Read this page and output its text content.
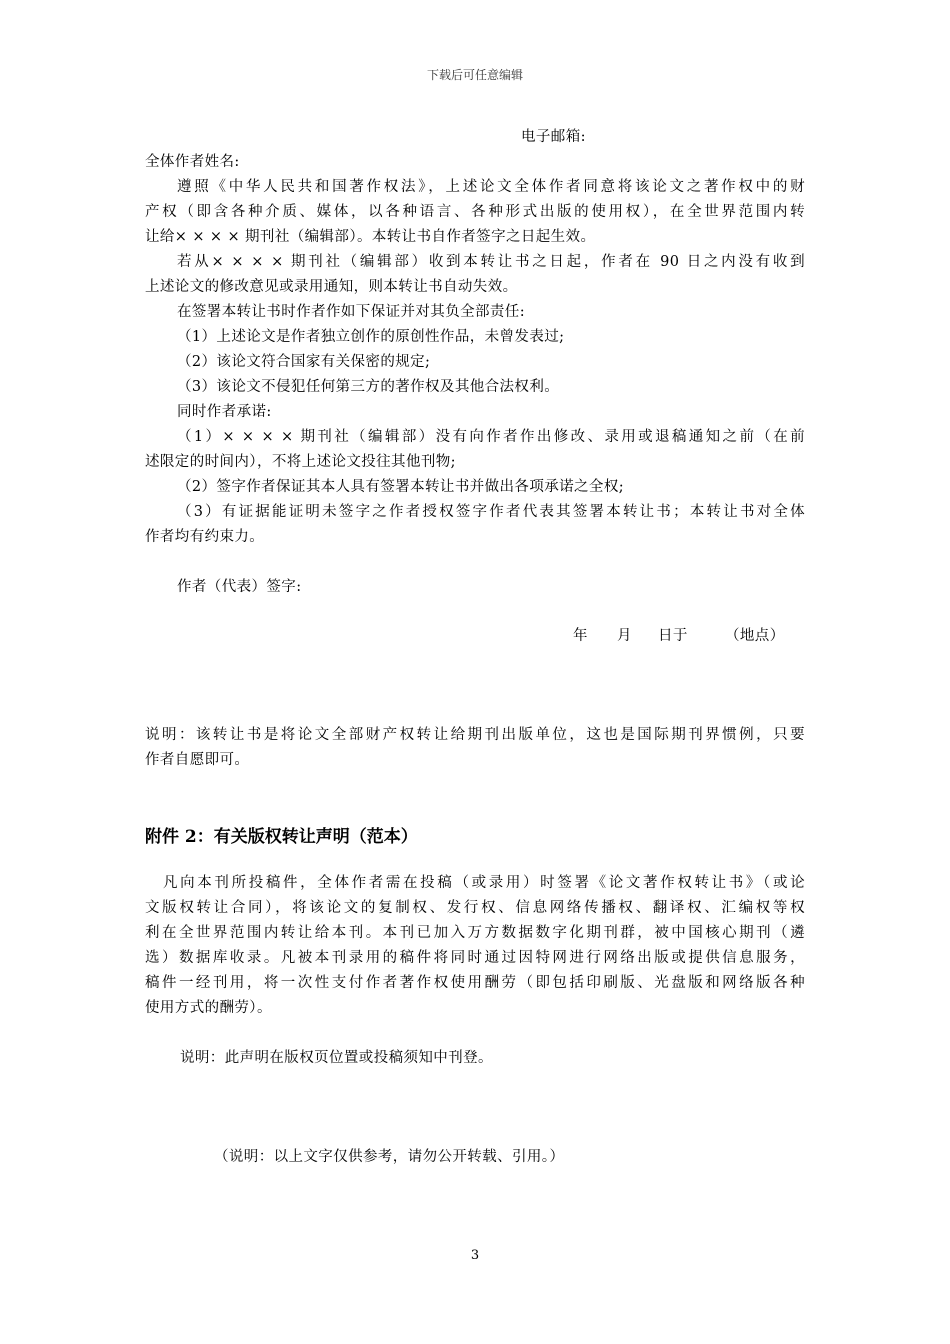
下载后可任意编辑
电子邮箱:
全体作者姓名:
遵照《中华人民共和国著作权法》，上述论文全体作者同意将该论文之著作权中的财
产权（即含各种介质、媒体，以各种语言、各种形式出版的使用权），在全世界范围内转
让给× × × × 期刊社（编辑部）。本转让书自作者签字之日起生效。
若从× × × × 期刊社（编辑部）收到本转让书之日起，作者在 90 日之内没有收到
上述论文的修改意见或录用通知，则本转让书自动失效。
在签署本转让书时作者作如下保证并对其负全部责任:
（1）上述论文是作者独立创作的原创性作品，未曾发表过;
（2）该论文符合国家有关保密的规定;
（3）该论文不侵犯任何第三方的著作权及其他合法权利。
同时作者承诺:
（1）× × × × 期刊社（编辑部）没有向作者作出修改、录用或退稿通知之前（在前
述限定的时间内），不将上述论文投往其他刊物;
（2）签字作者保证其本人具有签署本转让书并做出各项承诺之全权;
（3）有证据能证明未签字之作者授权签字作者代表其签署本转让书；本转让书对全体
作者均有约束力。
作者（代表）签字:
年 月 日于	（地点）
说明：该转让书是将论文全部财产权转让给期刊出版单位，这也是国际期刊界惯例，只要
作者自愿即可。
附件 2：有关版权转让声明（范本）
凡向本刊所投稿件，全体作者需在投稿（或录用）时签署《论文著作权转让书》（或论
文版权转让合同），将该论文的复制权、发行权、信息网络传播权、翻译权、汇编权等权
利在全世界范围内转让给本刊。本刊已加入万方数据数字化期刊群，被中国核心期刊（遴
选）数据库收录。凡被本刊录用的稿件将同时通过因特网进行网络出版或提供信息服务，
稿件一经刊用，将一次性支付作者著作权使用酬劳（即包括印刷版、光盘版和网络版各种
使用方式的酬劳）。
说明：此声明在版权页位置或投稿须知中刊登。
（说明：以上文字仅供参考，请勿公开转载、引用。）
3
